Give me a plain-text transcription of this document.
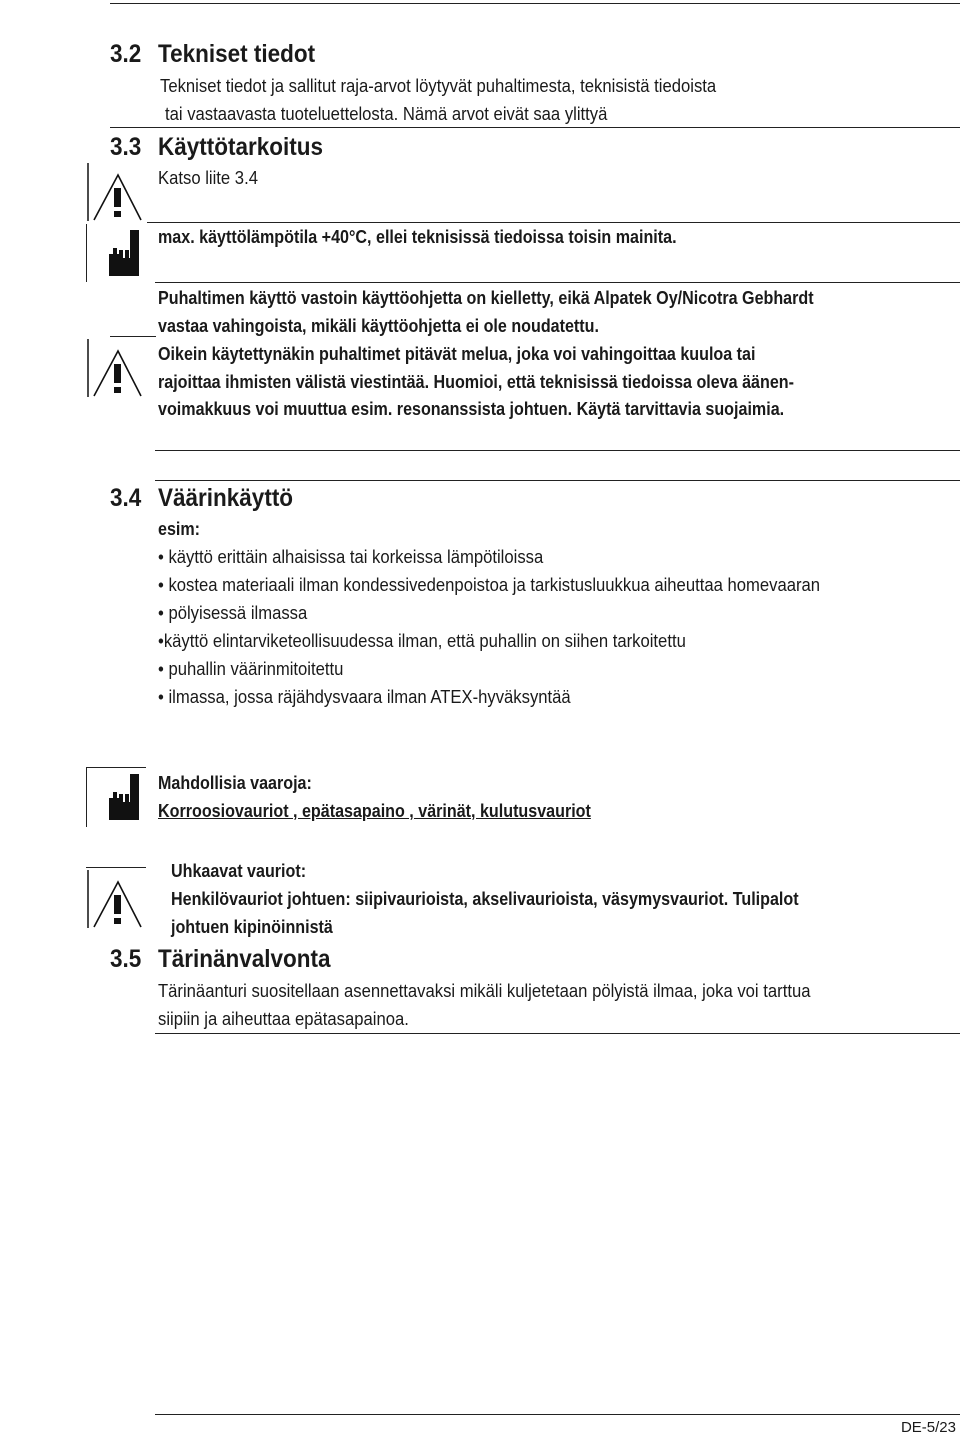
3.2 Tekniset tiedot
Tekniset tiedot ja sallitut raja-arvot löytyvät puhaltimesta, teknisistä tiedoista
tai vastaavasta tuoteluettelosta. Nämä arvot eivät saa ylittyä
3.3 Käyttötarkoitus
Katso liite 3.4
max. käyttölämpötila +40°C, ellei teknisissä tiedoissa toisin mainita.
Puhaltimen käyttö vastoin käyttöohjetta on kielletty, eikä Alpatek Oy/Nicotra Gebhardt
vastaa vahingoista, mikäli käyttöohjetta ei ole noudatettu.
Oikein käytettynäkin puhaltimet pitävät melua, joka voi vahingoittaa kuuloa tai
rajoittaa ihmisten välistä viestintää. Huomioi, että teknisissä tiedoissa oleva äänen-
voimakkuus voi muuttua esim. resonanssista johtuen. Käytä tarvittavia suojaimia.
3.4 Väärinkäyttö
esim:
• käyttö erittäin alhaisissa tai korkeissa lämpötiloissa
• kostea materiaali ilman kondessivedenpoistoa ja tarkistusluukkua aiheuttaa homevaaran
• pölyisessä ilmassa
•käyttö elintarviketeollisuudessa ilman, että puhallin on siihen tarkoitettu
• puhallin väärinmitoitettu
• ilmassa, jossa räjähdysvaara ilman ATEX-hyväksyntää
Mahdollisia vaaroja:
Korroosiovauriot , epätasapaino , värinät, kulutusvauriot
Uhkaavat vauriot:
Henkilövauriot johtuen: siipivaurioista, akselivaurioista, väsymysvauriot. Tulipalot
johtuen kipinöinnistä
3.5 Tärinänvalvonta
Tärinäanturi suositellaan asennettavaksi mikäli kuljetetaan pölyistä ilmaa, joka voi tarttua
siipiin ja aiheuttaa epätasapainoa.
DE-5/23
